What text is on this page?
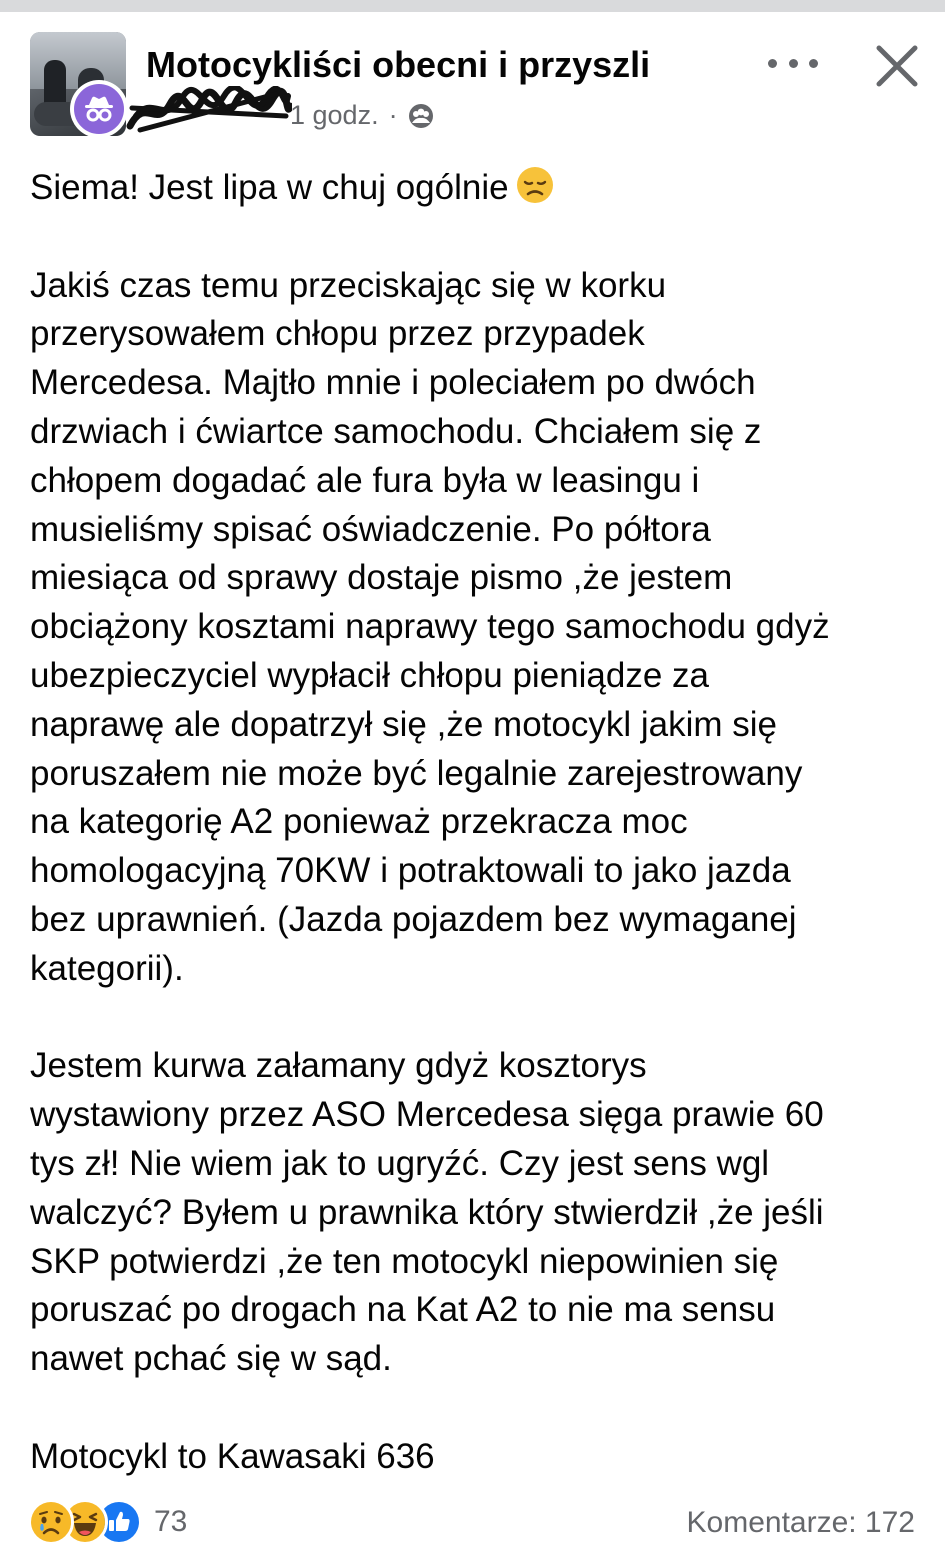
Motocykliści obecni i przyszli
1 godz. ·

Siema! Jest lipa w chuj ogólnie

Jakiś czas temu przeciskając się w korku
przerysowałem chłopu przez przypadek
Mercedesa. Majtło mnie i poleciałem po dwóch
drzwiach i ćwiartce samochodu. Chciałem się z
chłopem dogadać ale fura była w leasingu i
musieliśmy spisać oświadczenie. Po półtora
miesiąca od sprawy dostaje pismo ,że jestem
obciążony kosztami naprawy tego samochodu gdyż
ubezpieczyciel wypłacił chłopu pieniądze za
naprawę ale dopatrzył się ,że motocykl jakim się
poruszałem nie może być legalnie zarejestrowany
na kategorię A2 ponieważ przekracza moc
homologacyjną 70KW i potraktowali to jako jazda
bez uprawnień. (Jazda pojazdem bez wymaganej
kategorii).

Jestem kurwa załamany gdyż kosztorys
wystawiony przez ASO Mercedesa sięga prawie 60
tys zł! Nie wiem jak to ugryźć. Czy jest sens wgl
walczyć? Byłem u prawnika który stwierdził ,że jeśli
SKP potwierdzi ,że ten motocykl niepowinien się
poruszać po drogach na Kat A2 to nie ma sensu
nawet pchać się w sąd.

Motocykl to Kawasaki 636

73	Komentarze: 172
